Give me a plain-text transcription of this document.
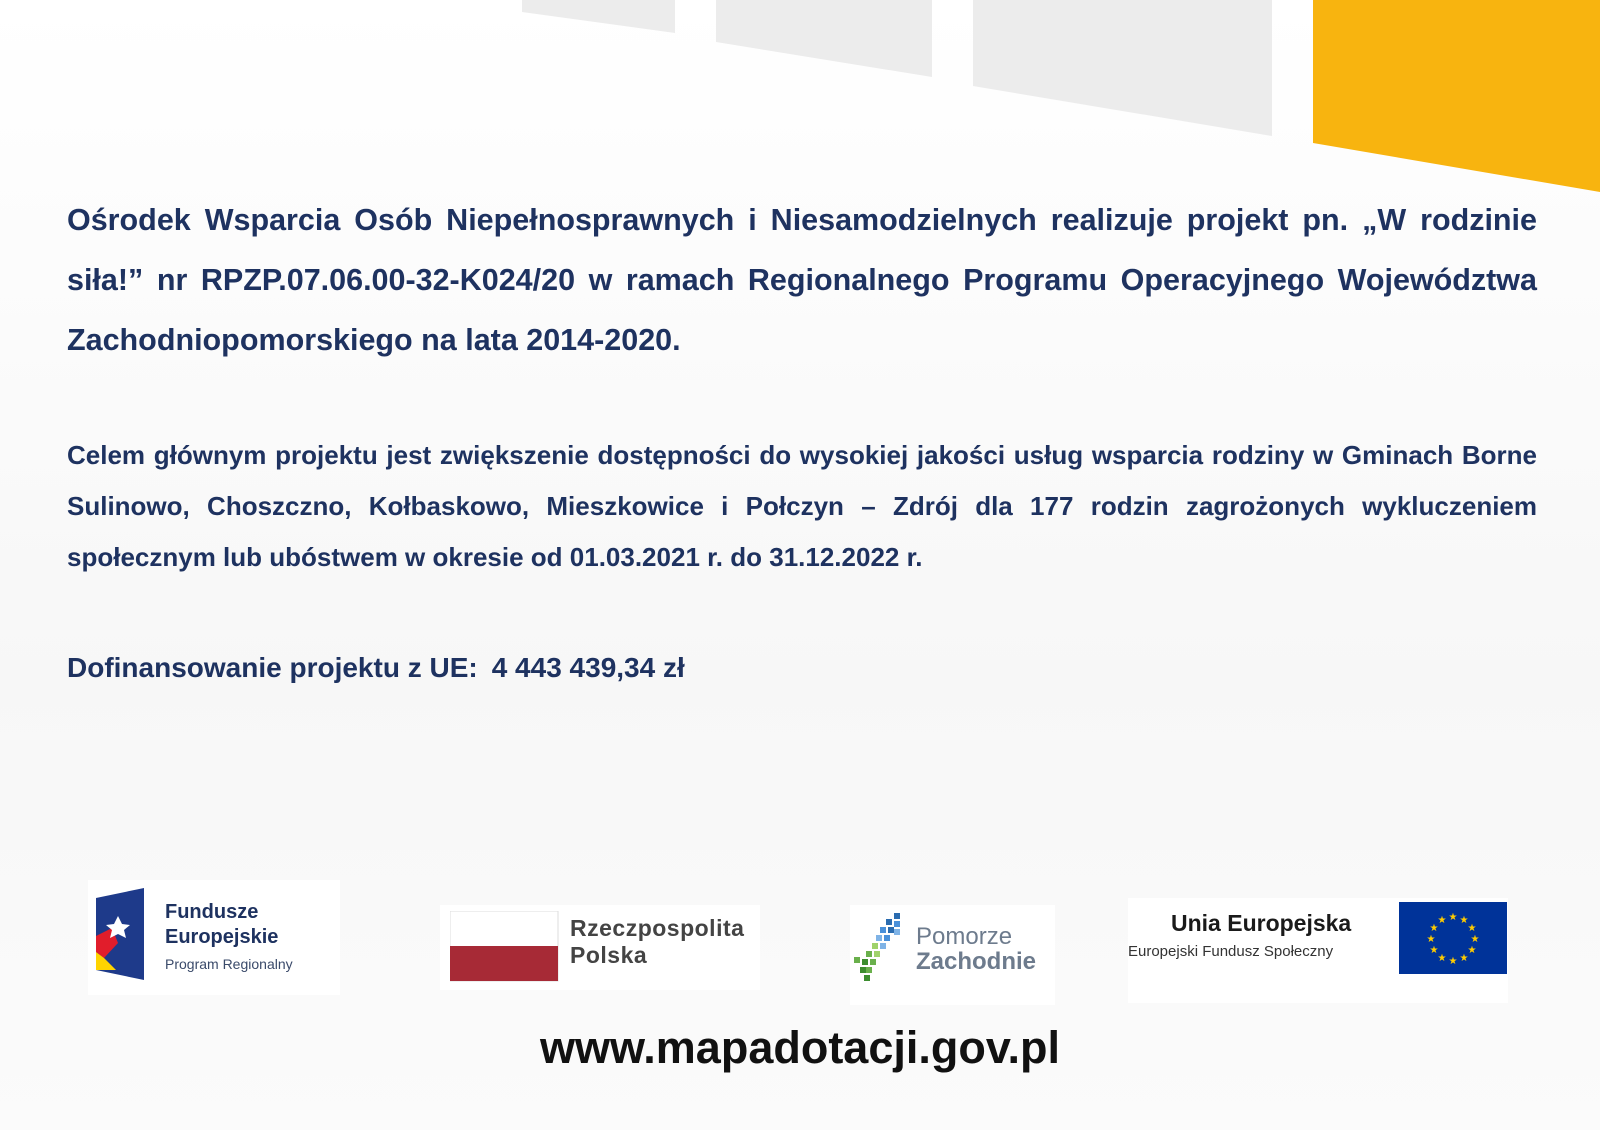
Ośrodek Wsparcia Osób Niepełnosprawnych i Niesamodzielnych realizuje projekt pn. „W rodzinie siła!” nr RPZP.07.06.00-32-K024/20 w ramach Regionalnego Programu Operacyjnego Województwa Zachodniopomorskiego na lata 2014-2020.
Celem głównym projektu jest zwiększenie dostępności do wysokiej jakości usług wsparcia rodziny w Gminach Borne Sulinowo, Choszczno, Kołbaskowo, Mieszkowice i Połczyn – Zdrój dla 177 rodzin zagrożonych wykluczeniem społecznym lub ubóstwem w okresie od 01.03.2021 r. do 31.12.2022 r.
Dofinansowanie projektu z UE: 4 443 439,34 zł
Fundusze
Europejskie
Program Regionalny
Rzeczpospolita
Polska
Pomorze
Zachodnie
Unia Europejska
Europejski Fundusz Społeczny
★ ★
★
★
★
★
★
★
★
★
★
★
www.mapadotacji.gov.pl
